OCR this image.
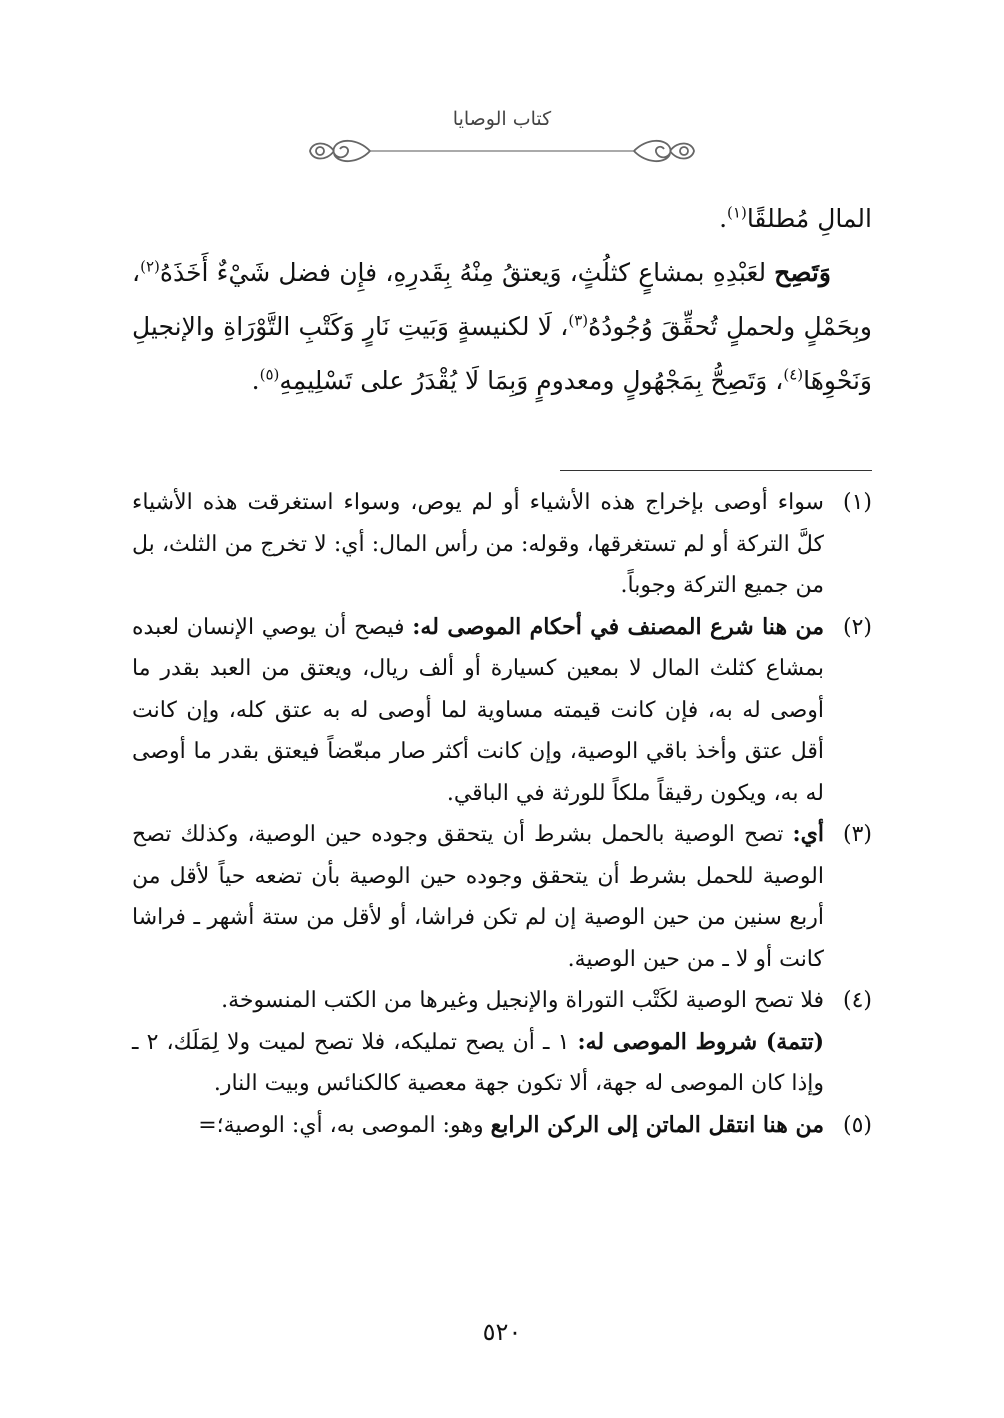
كتاب الوصايا

المالِ مُطلقًا$^{(١)}$.

وَتَصِح لعَبْدِهِ بمشاعٍ كثلُثٍ، وَيعتقُ مِنْهُ بِقَدرِهِ، فإِن فضل شَيْءٌ أَخَذَهُ$^{(٢)}$، وبِحَمْلٍ ولحملٍ تُحقِّقَ وُجُودُهُ$^{(٣)}$، لَا لكنيسةٍ وَبَيتِ نَارٍ وَكَتْبِ التَّوْرَاةِ والإنجيلِ وَنَحْوِهَا$^{(٤)}$، وَتَصِحُّ بِمَجْهُولٍ ومعدومٍ وَبِمَا لَا يُقْدَرُ على تَسْلِيمِهِ$^{(٥)}$.

(١)
سواء أوصى بإخراج هذه الأشياء أو لم يوص، وسواء استغرقت هذه الأشياء كلَّ التركة أو لم تستغرقها، وقوله: من رأس المال: أي: لا تخرج من الثلث، بل من جميع التركة وجوباً.
(٢)
من هنا شرع المصنف في أحكام الموصى له: فيصح أن يوصي الإنسان لعبده بمشاع كثلث المال لا بمعين كسيارة أو ألف ريال، ويعتق من العبد بقدر ما أوصى له به، فإن كانت قيمته مساوية لما أوصى له به عتق كله، وإن كانت أقل عتق وأخذ باقي الوصية، وإن كانت أكثر صار مبعّضاً فيعتق بقدر ما أوصى له به، ويكون رقيقاً ملكاً للورثة في الباقي.
(٣)
أي: تصح الوصية بالحمل بشرط أن يتحقق وجوده حين الوصية، وكذلك تصح الوصية للحمل بشرط أن يتحقق وجوده حين الوصية بأن تضعه حياً لأقل من أربع سنين من حين الوصية إن لم تكن فراشا، أو لأقل من ستة أشهر ـ فراشا كانت أو لا ـ من حين الوصية.
(٤)
فلا تصح الوصية لكَتْب التوراة والإنجيل وغيرها من الكتب المنسوخة.

(تتمة) شروط الموصى له: ١ ـ أن يصح تمليكه، فلا تصح لميت ولا لِمَلَك، ٢ ـ وإذا كان الموصى له جهة، ألا تكون جهة معصية كالكنائس وبيت النار.

(٥)
من هنا انتقل الماتن إلى الركن الرابع وهو: الموصى به، أي: الوصية؛=
٥٢٠
